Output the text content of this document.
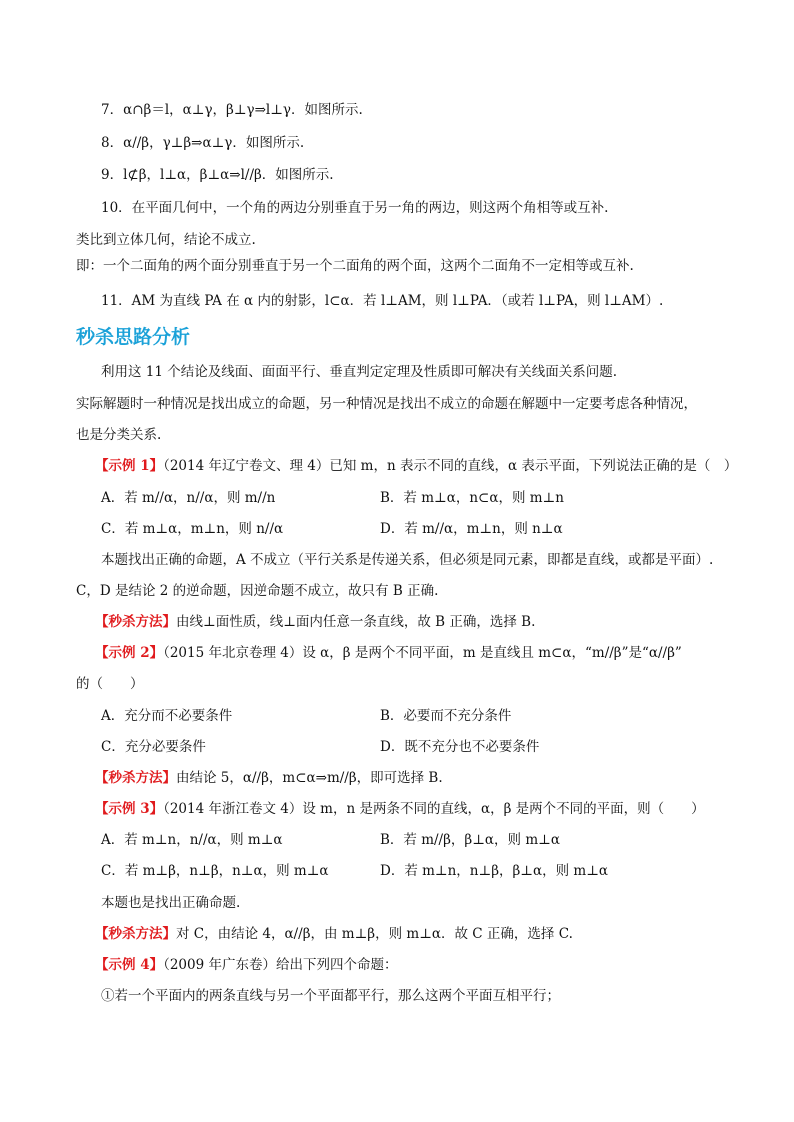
7．α∩β＝l，α⊥γ，β⊥γ⇒l⊥γ．如图所示.
8．α//β，γ⊥β⇒α⊥γ．如图所示.
9．l⊄β，l⊥α，β⊥α⇒l//β．如图所示.
10．在平面几何中，一个角的两边分别垂直于另一角的两边，则这两个角相等或互补.
类比到立体几何，结论不成立.
即：一个二面角的两个面分别垂直于另一个二面角的两个面，这两个二面角不一定相等或互补.
11．AM 为直线 PA 在 α 内的射影，l⊂α．若 l⊥AM，则 l⊥PA．（或若 l⊥PA，则 l⊥AM）.
秒杀思路分析
利用这 11 个结论及线面、面面平行、垂直判定定理及性质即可解决有关线面关系问题.
实际解题时一种情况是找出成立的命题，另一种情况是找出不成立的命题在解题中一定要考虑各种情况，
也是分类关系.
【示例 1】（2014 年辽宁卷文、理 4）已知 m，n 表示不同的直线，α 表示平面，下列说法正确的是（　）
A．若 m//α，n//α，则 m//n	B．若 m⊥α，n⊂α，则 m⊥n
C．若 m⊥α，m⊥n，则 n//α	D．若 m//α，m⊥n，则 n⊥α
本题找出正确的命题，A 不成立（平行关系是传递关系，但必须是同元素，即都是直线，或都是平面）.
C，D 是结论 2 的逆命题，因逆命题不成立，故只有 B 正确.
【秒杀方法】由线⊥面性质，线⊥面内任意一条直线，故 B 正确，选择 B.
【示例 2】（2015 年北京卷理 4）设 α，β 是两个不同平面，m 是直线且 m⊂α，“m//β”是“α//β”
的（　　）
A．充分而不必要条件	B．必要而不充分条件
C．充分必要条件	D．既不充分也不必要条件
【秒杀方法】由结论 5，α//β，m⊂α⇒m//β，即可选择 B.
【示例 3】（2014 年浙江卷文 4）设 m，n 是两条不同的直线，α，β 是两个不同的平面，则（　　）
A．若 m⊥n，n//α，则 m⊥α	B．若 m//β，β⊥α，则 m⊥α
C．若 m⊥β，n⊥β，n⊥α，则 m⊥α	D．若 m⊥n，n⊥β，β⊥α，则 m⊥α
本题也是找出正确命题.
【秒杀方法】对 C，由结论 4，α//β，由 m⊥β，则 m⊥α．故 C 正确，选择 C.
【示例 4】（2009 年广东卷）给出下列四个命题：
①若一个平面内的两条直线与另一个平面都平行，那么这两个平面互相平行；
